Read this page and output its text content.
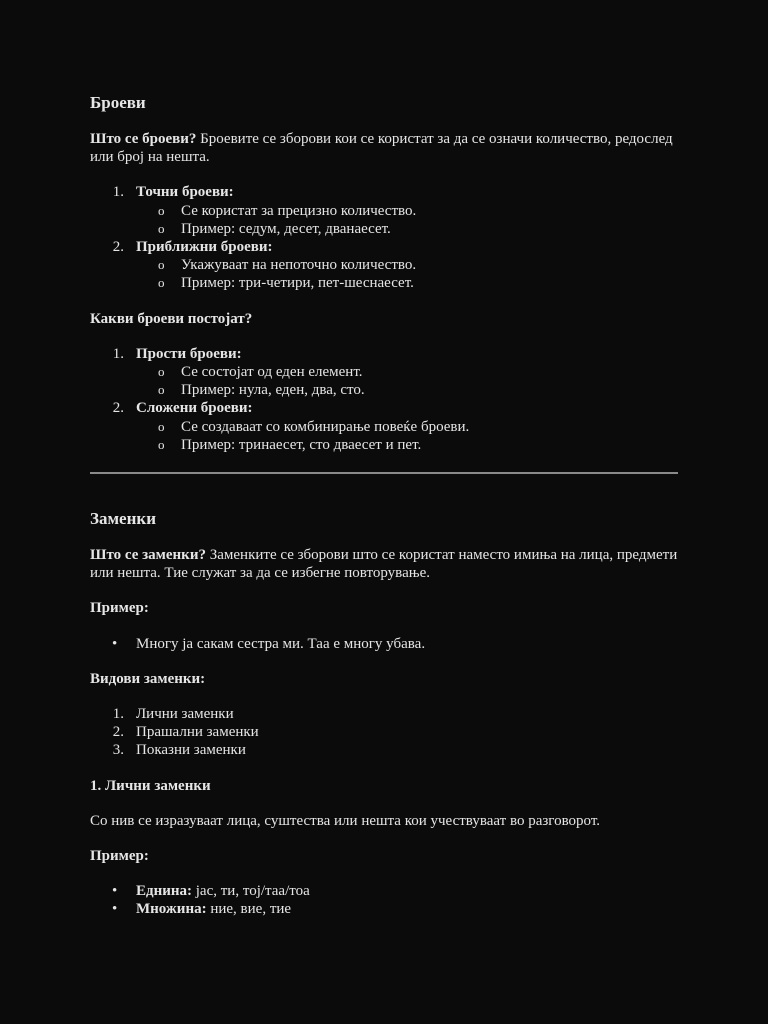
Броеви

Што се броеви? Броевите се зборови кои се користат за да се означи количество, редослед или број на нешта.

1. Точни броеви:
o Се користат за прецизно количество.
o Пример: седум, десет, дванаесет.
2. Приближни броеви:
o Укажуваат на непоточно количество.
o Пример: три-четири, пет-шеснаесет.

Какви броеви постојат?

1. Прости броеви:
o Се состојат од еден елемент.
o Пример: нула, еден, два, сто.
2. Сложени броеви:
o Се создаваат со комбинирање повеќе броеви.
o Пример: тринаесет, сто дваесет и пет.
Заменки

Што се заменки? Заменките се зборови што се користат наместо имиња на лица, предмети или нешта. Тие служат за да се избегне повторување.

Пример:

• Многу ја сакам сестра ми. Таа е многу убава.

Видови заменки:

1. Лични заменки
2. Прашални заменки
3. Показни заменки

1. Лични заменки

Со нив се изразуваат лица, суштества или нешта кои учествуваат во разговорот.

Пример:

• Еднина: јас, ти, тој/таа/тоа
• Множина: ние, вие, тие
